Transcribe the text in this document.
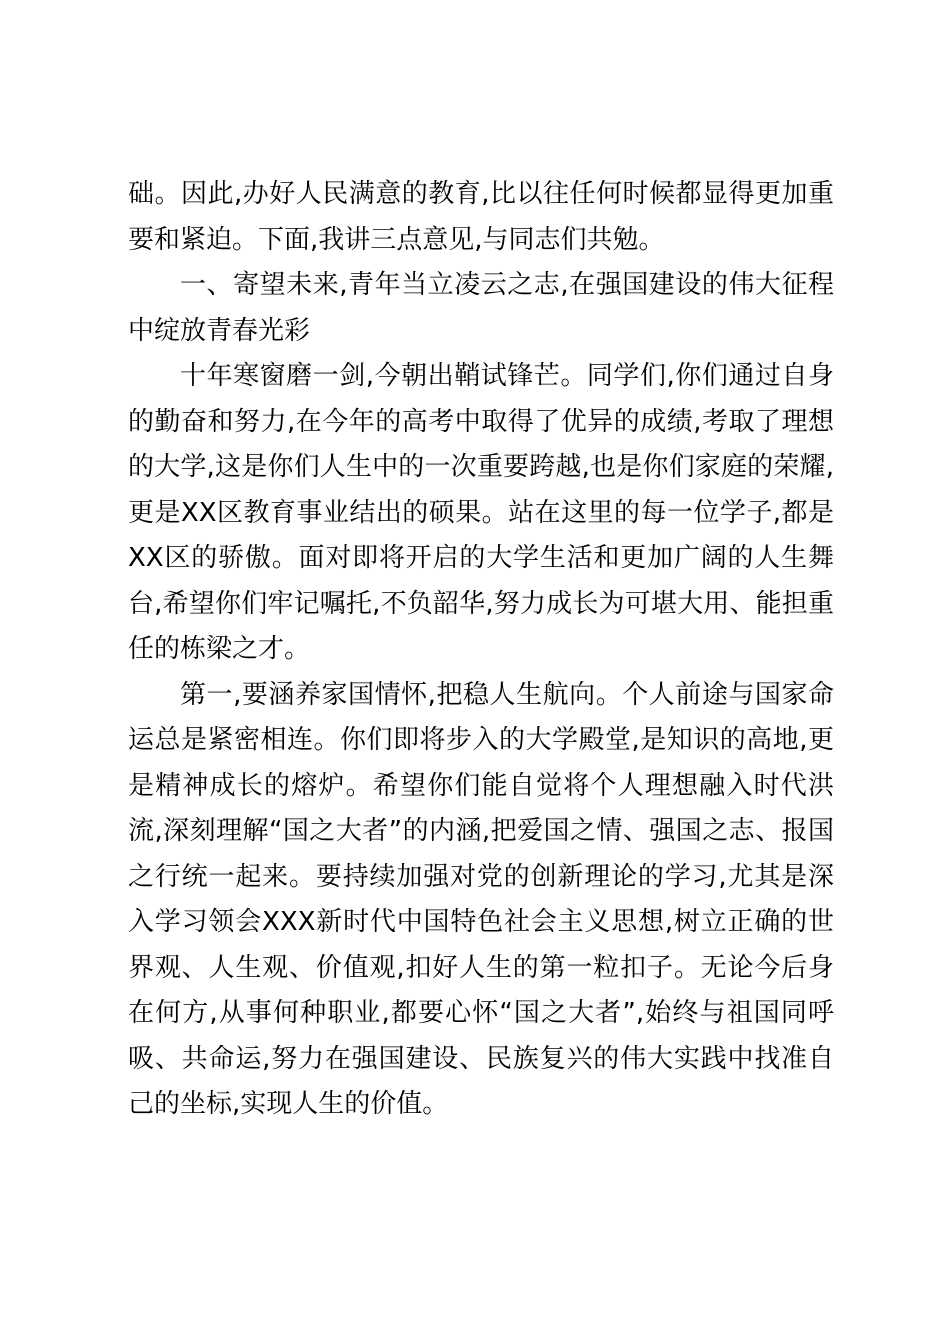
础。因此,办好人民满意的教育,比以往任何时候都显得更加重要和紧迫。下面,我讲三点意见,与同志们共勉。

一、寄望未来,青年当立凌云之志,在强国建设的伟大征程中绽放青春光彩

十年寒窗磨一剑,今朝出鞘试锋芒。同学们,你们通过自身的勤奋和努力,在今年的高考中取得了优异的成绩,考取了理想的大学,这是你们人生中的一次重要跨越,也是你们家庭的荣耀,更是XX区教育事业结出的硕果。站在这里的每一位学子,都是XX区的骄傲。面对即将开启的大学生活和更加广阔的人生舞台,希望你们牢记嘱托,不负韶华,努力成长为可堪大用、能担重任的栋梁之才。

第一,要涵养家国情怀,把稳人生航向。个人前途与国家命运总是紧密相连。你们即将步入的大学殿堂,是知识的高地,更是精神成长的熔炉。希望你们能自觉将个人理想融入时代洪流,深刻理解“国之大者”的内涵,把爱国之情、强国之志、报国之行统一起来。要持续加强对党的创新理论的学习,尤其是深入学习领会XXX新时代中国特色社会主义思想,树立正确的世界观、人生观、价值观,扣好人生的第一粒扣子。无论今后身在何方,从事何种职业,都要心怀“国之大者”,始终与祖国同呼吸、共命运,努力在强国建设、民族复兴的伟大实践中找准自己的坐标,实现人生的价值。
